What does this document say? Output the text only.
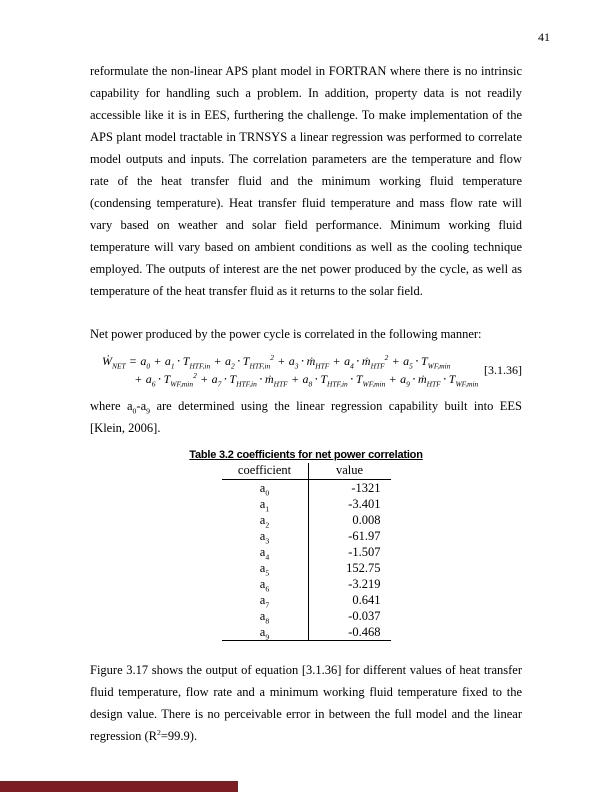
41

reformulate the non-linear APS plant model in FORTRAN where there is no intrinsic capability for handling such a problem. In addition, property data is not readily accessible like it is in EES, furthering the challenge. To make implementation of the APS plant model tractable in TRNSYS a linear regression was performed to correlate model outputs and inputs. The correlation parameters are the temperature and flow rate of the heat transfer fluid and the minimum working fluid temperature (condensing temperature). Heat transfer fluid temperature and mass flow rate will vary based on weather and solar field performance. Minimum working fluid temperature will vary based on ambient conditions as well as the cooling technique employed. The outputs of interest are the net power produced by the cycle, as well as temperature of the heat transfer fluid as it returns to the solar field.

Net power produced by the power cycle is correlated in the following manner:

Ẇ$_{NET}$ = $a_0 + a_1 \cdot T_{HTF,in} + a_2 \cdot T_{HTF,in}^2 + a_3$ ⋅ ṁ$_{HTF}$ + $a_4$ ⋅ ṁ$_{HTF}^2$ + $a_5 \cdot T_{WF,min}$
+ $a_6 \cdot T_{WF,min}^2 + a_7 \cdot T_{HTF,in}$ ⋅ ṁ$_{HTF}$ + $a_8 \cdot T_{HTF,in} \cdot T_{WF,min} + a_9$ ⋅ ṁ$_{HTF}$ ⋅ $T_{WF,min}$
[3.1.36]

where $a_0-a_9$ are determined using the linear regression capability built into EES [Klein, 2006].

Table 3.2 coefficients for net power correlation
coefficient	value
$a_0$	-1321
$a_1$	-3.401
$a_2$	0.008
$a_3$	-61.97
$a_4$	-1.507
$a_5$	152.75
$a_6$	-3.219
$a_7$	0.641
$a_8$	-0.037
$a_9$	-0.468

Figure 3.17 shows the output of equation [3.1.36] for different values of heat transfer fluid temperature, flow rate and a minimum working fluid temperature fixed to the design value. There is no perceivable error in between the full model and the linear regression $(R^2=99.9)$.
